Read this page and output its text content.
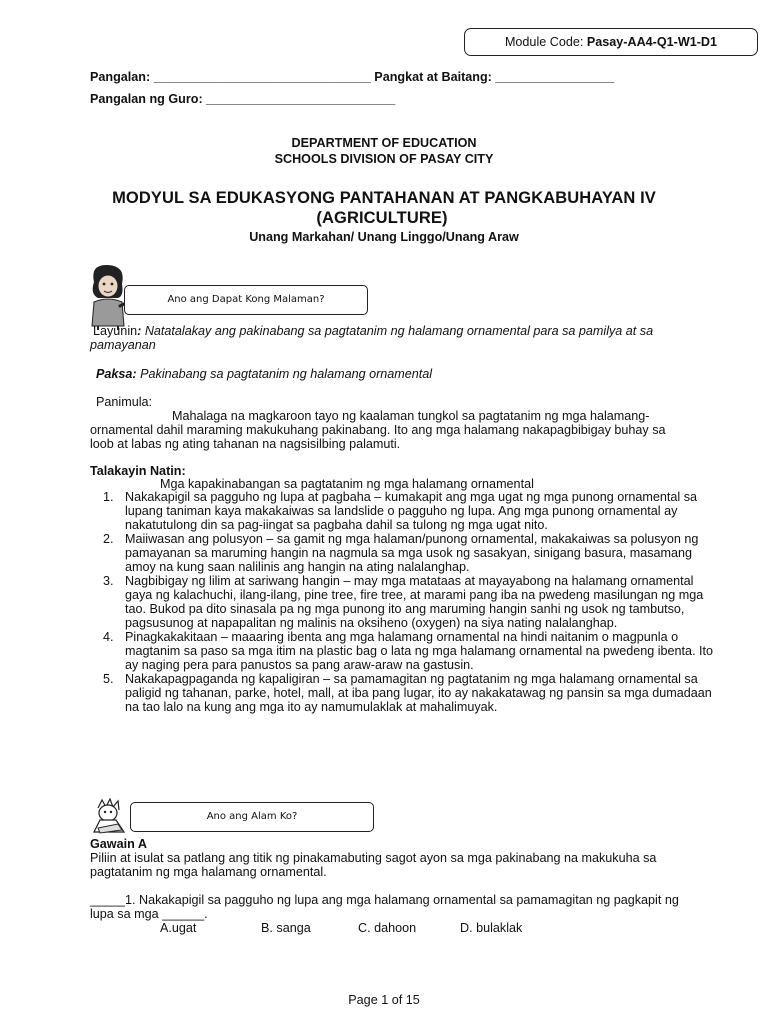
Module Code: Pasay-AA4-Q1-W1-D1
Pangalan: _______________________________ Pangkat at Baitang: _________________
Pangalan ng Guro: ___________________________
DEPARTMENT OF EDUCATION
SCHOOLS DIVISION OF PASAY CITY
MODYUL SA EDUKASYONG PANTAHANAN AT PANGKABUHAYAN IV
(AGRICULTURE)
Unang Markahan/ Unang Linggo/Unang Araw
Ano ang Dapat Kong Malaman?
Layunin: Natatalakay ang pakinabang sa pagtatanim ng halamang ornamental para sa pamilya at sa pamayanan
Paksa: Pakinabang sa pagtatanim ng halamang ornamental
Panimula:
Mahalaga na magkaroon tayo ng kaalaman tungkol sa pagtatanim ng mga halamang-ornamental dahil maraming makukuhang pakinabang. Ito ang mga halamang nakapagbibigay buhay sa loob at labas ng ating tahanan na nagsisilbing palamuti.
Talakayin Natin:
Mga kapakinabangan sa pagtatanim ng mga halamang ornamental
1. Nakakapigil sa pagguho ng lupa at pagbaha – kumakapit ang mga ugat ng mga punong ornamental sa lupang taniman kaya makakaiwas sa landslide o pagguho ng lupa. Ang mga punong ornamental ay nakatutulong din sa pag-iingat sa pagbaha dahil sa tulong ng mga ugat nito.
2. Maiiwasan ang polusyon – sa gamit ng mga halaman/punong ornamental, makakaiwas sa polusyon ng pamayanan sa maruming hangin na nagmula sa mga usok ng sasakyan, sinigang basura, masamang amoy na kung saan nalilinis ang hangin na ating nalalanghap.
3. Nagbibigay ng lilim at sariwang hangin – may mga matataas at mayayabong na halamang ornamental gaya ng kalachuchi, ilang-ilang, pine tree, fire tree, at marami pang iba na pwedeng masilungan ng mga tao. Bukod pa dito sinasala pa ng mga punong ito ang maruming hangin sanhi ng usok ng tambutso, pagsusunog at napapalitan ng malinis na oksiheno (oxygen) na siya nating nalalanghap.
4. Pinagkakakitaan – maaaring ibenta ang mga halamang ornamental na hindi naitanim o magpunla o magtanim sa paso sa mga itim na plastic bag o lata ng mga halamang ornamental na pwedeng ibenta. Ito ay naging pera para panustos sa pang araw-araw na gastusin.
5. Nakakapagpaganda ng kapaligiran – sa pamamagitan ng pagtatanim ng mga halamang ornamental sa paligid ng tahanan, parke, hotel, mall, at iba pang lugar, ito ay nakakatawag ng pansin sa mga dumadaan na tao lalo na kung ang mga ito ay namumulaklak at mahalimuyak.
Ano ang Alam Ko?
Gawain A
Piliin at isulat sa patlang ang titik ng pinakamabuting sagot ayon sa mga pakinabang na makukuha sa pagtatanim ng mga halamang ornamental.
_____1. Nakakapigil sa pagguho ng lupa ang mga halamang ornamental sa pamamagitan ng pagkapit ng lupa sa mga ______.
A.ugat	B. sanga	C. dahoon	D. bulaklak
Page 1 of 15
